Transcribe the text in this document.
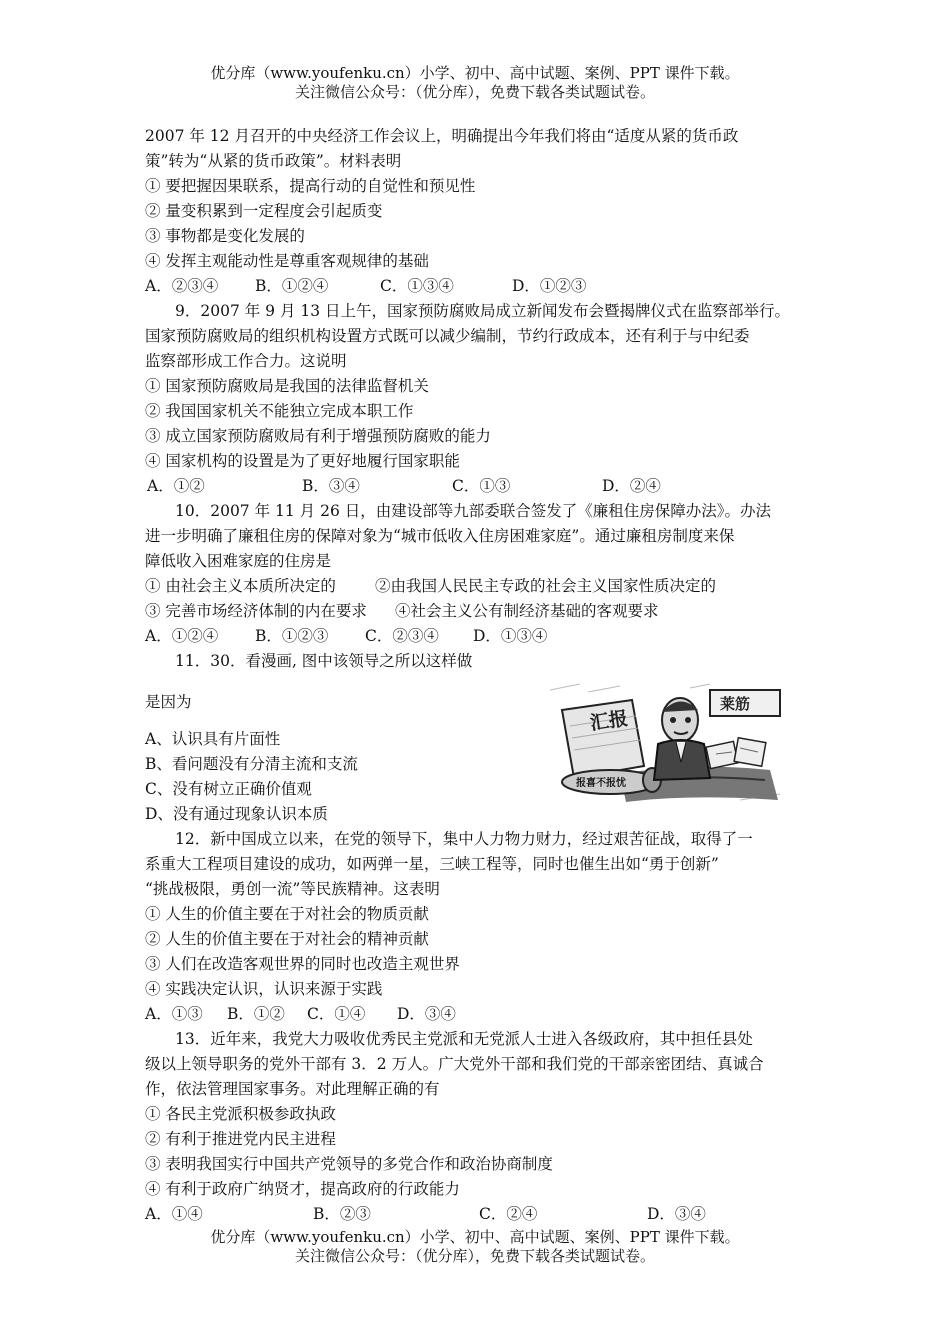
优分库（www.youfenku.cn）小学、初中、高中试题、案例、PPT 课件下载。
关注微信公众号：（优分库），免费下载各类试题试卷。
2007 年 12 月召开的中央经济工作会议上，明确提出今年我们将由“适度从紧的货币政
策”转为“从紧的货币政策”。材料表明
① 要把握因果联系，提高行动的自觉性和预见性
② 量变积累到一定程度会引起质变
③ 事物都是变化发展的
④ 发挥主观能动性是尊重客观规律的基础
A．②③④ B．①②④	C．①③④	D．①②③
9．2007 年 9 月 13 日上午，国家预防腐败局成立新闻发布会暨揭牌仪式在监察部举行。
国家预防腐败局的组织机构设置方式既可以减少编制，节约行政成本，还有利于与中纪委
监察部形成工作合力。这说明
① 国家预防腐败局是我国的法律监督机关
② 我国国家机关不能独立完成本职工作
③ 成立国家预防腐败局有利于增强预防腐败的能力
④ 国家机构的设置是为了更好地履行国家职能
A．①②	B．③④	C．①③	D．②④
10．2007 年 11 月 26 日，由建设部等九部委联合签发了《廉租住房保障办法》。办法
进一步明确了廉租住房的保障对象为“城市低收入住房困难家庭”。通过廉租房制度来保
障低收入困难家庭的住房是
① 由社会主义本质所决定的	②由我国人民民主专政的社会主义国家性质决定的
③ 完善市场经济体制的内在要求 ④社会主义公有制经济基础的客观要求
A．①②④ B．①②③ C．②③④ D．①③④
11．30．看漫画, 图中该领导之所以这样做
是因为
A、认识具有片面性
B、看问题没有分清主流和支流
C、没有树立正确价值观
D、没有通过现象认识本质
12．新中国成立以来，在党的领导下，集中人力物力财力，经过艰苦征战，取得了一
系重大工程项目建设的成功，如两弹一星，三峡工程等，同时也催生出如“勇于创新”
“挑战极限，勇创一流”等民族精神。这表明
① 人生的价值主要在于对社会的物质贡献
② 人生的价值主要在于对社会的精神贡献
③ 人们在改造客观世界的同时也改造主观世界
④ 实践决定认识，认识来源于实践
A．①③ B．①② C．①④ D．③④
13．近年来，我党大力吸收优秀民主党派和无党派人士进入各级政府，其中担任县处
级以上领导职务的党外干部有 3．2 万人。广大党外干部和我们党的干部亲密团结、真诚合
作，依法管理国家事务。对此理解正确的有
① 各民主党派积极参政执政
② 有利于推进党内民主进程
③ 表明我国实行中国共产党领导的多党合作和政治协商制度
④ 有利于政府广纳贤才，提高政府的行政能力
A．①④	B．②③	C．②④	D．③④
汇报
报喜不报忧
莱筋
优分库（www.youfenku.cn）小学、初中、高中试题、案例、PPT 课件下载。
关注微信公众号：（优分库），免费下载各类试题试卷。
